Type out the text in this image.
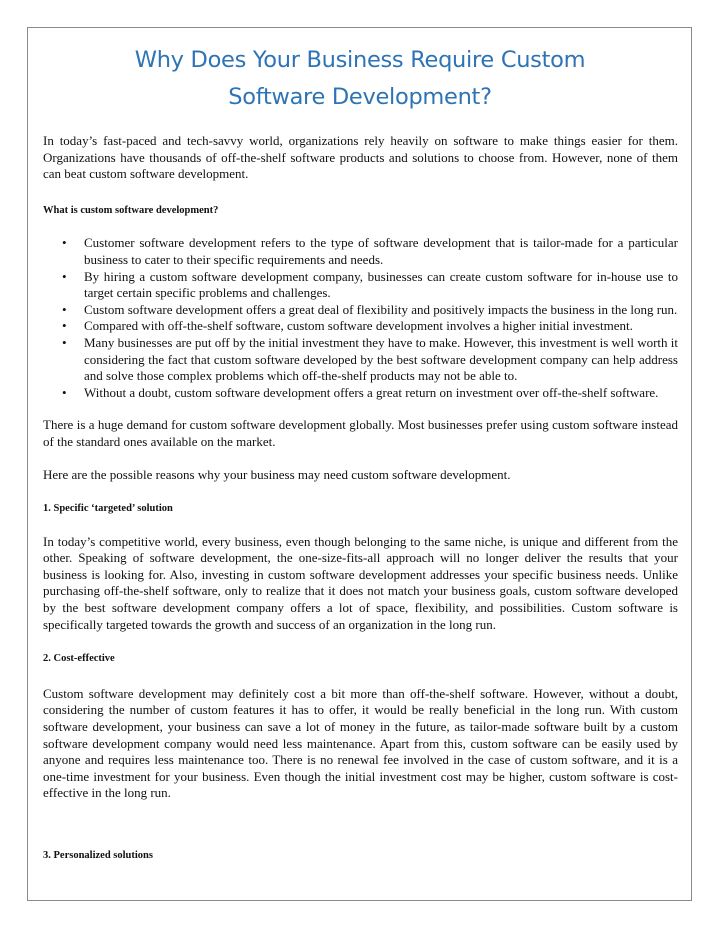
Why Does Your Business Require Custom
Software Development?

In today’s fast-paced and tech-savvy world, organizations rely heavily on software to make things easier for them. Organizations have thousands of off-the-shelf software products and solutions to choose from. However, none of them can beat custom software development.

What is custom software development?

• Customer software development refers to the type of software development that is tailor-made for a particular business to cater to their specific requirements and needs.
• By hiring a custom software development company, businesses can create custom software for in-house use to target certain specific problems and challenges.
• Custom software development offers a great deal of flexibility and positively impacts the business in the long run.
• Compared with off-the-shelf software, custom software development involves a higher initial investment.
• Many businesses are put off by the initial investment they have to make. However, this investment is well worth it considering the fact that custom software developed by the best software development company can help address and solve those complex problems which off-the-shelf products may not be able to.
• Without a doubt, custom software development offers a great return on investment over off-the-shelf software.

There is a huge demand for custom software development globally. Most businesses prefer using custom software instead of the standard ones available on the market.

Here are the possible reasons why your business may need custom software development.

1. Specific ‘targeted’ solution

In today’s competitive world, every business, even though belonging to the same niche, is unique and different from the other. Speaking of software development, the one-size-fits-all approach will no longer deliver the results that your business is looking for. Also, investing in custom software development addresses your specific business needs. Unlike purchasing off-the-shelf software, only to realize that it does not match your business goals, custom software developed by the best software development company offers a lot of space, flexibility, and possibilities. Custom software is specifically targeted towards the growth and success of an organization in the long run.

2. Cost-effective

Custom software development may definitely cost a bit more than off-the-shelf software. However, without a doubt, considering the number of custom features it has to offer, it would be really beneficial in the long run. With custom software development, your business can save a lot of money in the future, as tailor-made software built by a custom software development company would need less maintenance. Apart from this, custom software can be easily used by anyone and requires less maintenance too. There is no renewal fee involved in the case of custom software, and it is a one-time investment for your business. Even though the initial investment cost may be higher, custom software is cost-effective in the long run.

3. Personalized solutions
